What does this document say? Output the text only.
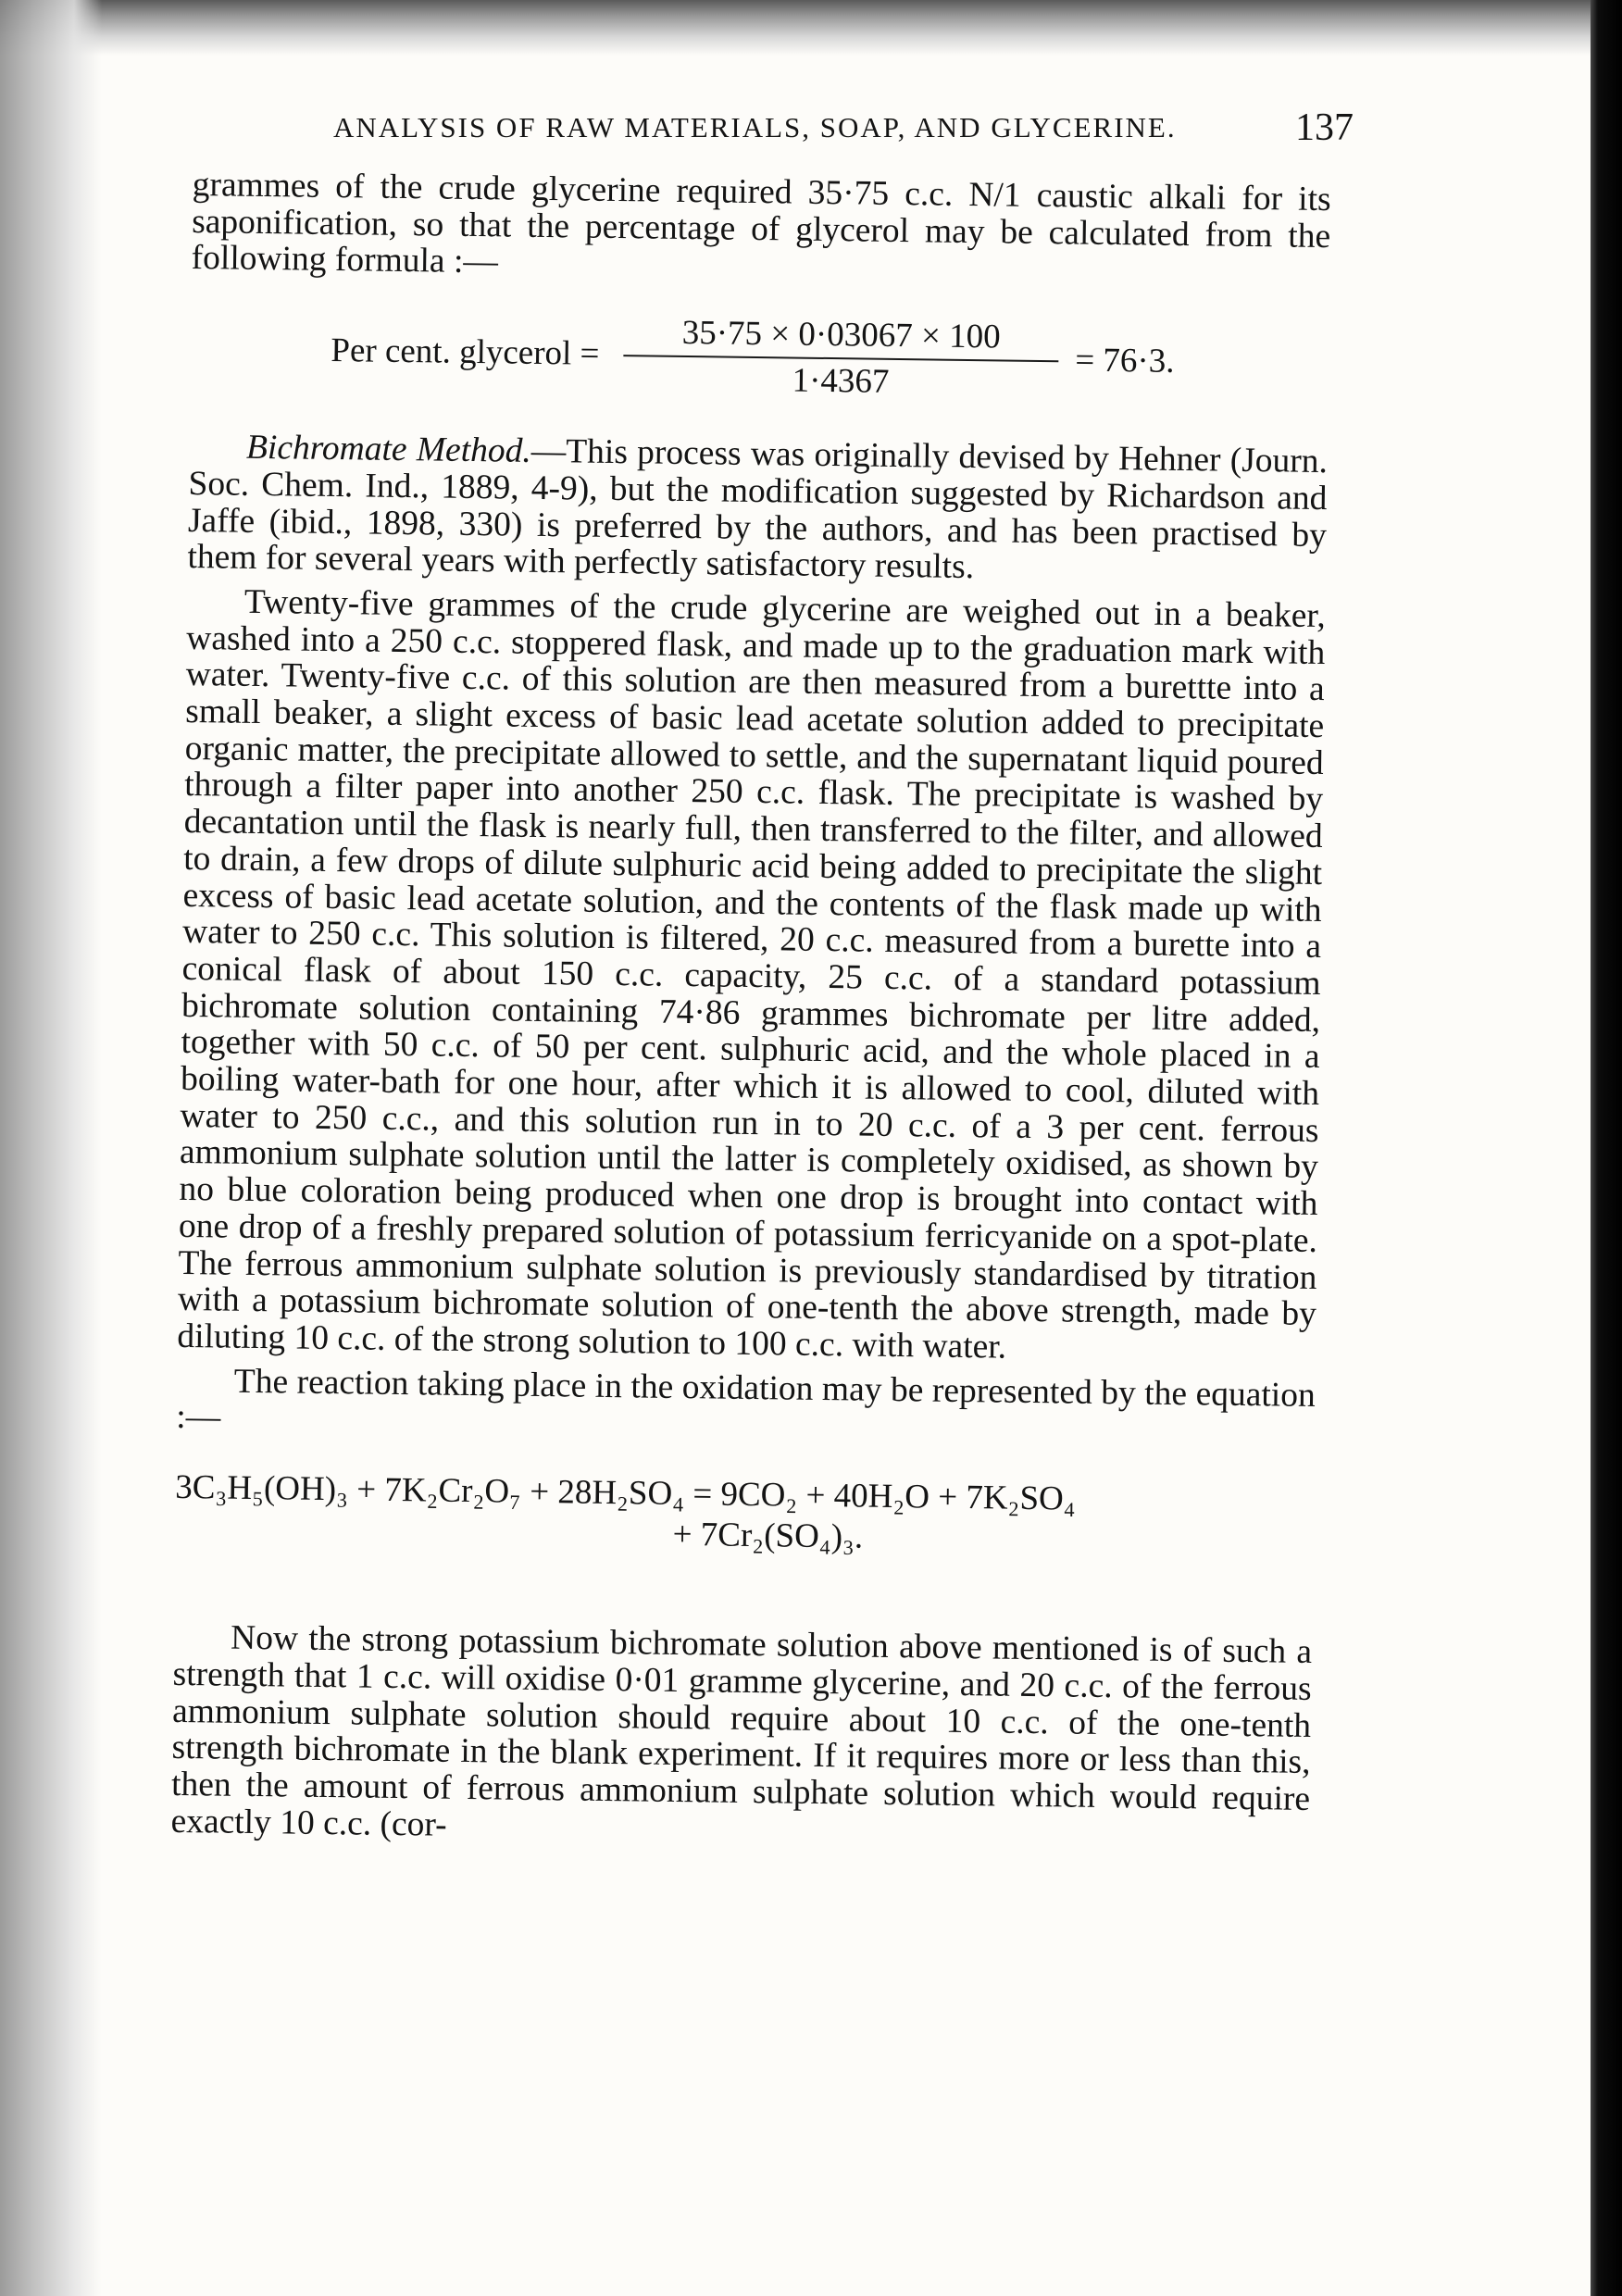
ANALYSIS OF RAW MATERIALS, SOAP, AND GLYCERINE.	137

grammes of the crude glycerine required 35·75 c.c. N/1 caustic alkali for its saponification, so that the percentage of glycerol may be calculated from the following formula :—

Per cent. glycerol = $\frac{35\cdot 75 \times 0\cdot 03067 \times 100}{1\cdot 4367} = 76\cdot 3$.

Bichromate Method.—This process was originally devised by Hehner (Journ. Soc. Chem. Ind., 1889, 4-9), but the modification suggested by Richardson and Jaffe (ibid., 1898, 330) is preferred by the authors, and has been practised by them for several years with perfectly satisfactory results.

Twenty-five grammes of the crude glycerine are weighed out in a beaker, washed into a 250 c.c. stoppered flask, and made up to the graduation mark with water. Twenty-five c.c. of this solution are then measured from a burettte into a small beaker, a slight excess of basic lead acetate solution added to precipitate organic matter, the precipitate allowed to settle, and the supernatant liquid poured through a filter paper into another 250 c.c. flask. The precipitate is washed by decantation until the flask is nearly full, then transferred to the filter, and allowed to drain, a few drops of dilute sulphuric acid being added to precipitate the slight excess of basic lead acetate solution, and the contents of the flask made up with water to 250 c.c. This solution is filtered, 20 c.c. measured from a burette into a conical flask of about 150 c.c. capacity, 25 c.c. of a standard potassium bichromate solution containing 74·86 grammes bichromate per litre added, together with 50 c.c. of 50 per cent. sulphuric acid, and the whole placed in a boiling water-bath for one hour, after which it is allowed to cool, diluted with water to 250 c.c., and this solution run in to 20 c.c. of a 3 per cent. ferrous ammonium sulphate solution until the latter is completely oxidised, as shown by no blue coloration being produced when one drop is brought into contact with one drop of a freshly prepared solution of potassium ferricyanide on a spot-plate. The ferrous ammonium sulphate solution is previously standardised by titration with a potassium bichromate solution of one-tenth the above strength, made by diluting 10 c.c. of the strong solution to 100 c.c. with water.

The reaction taking place in the oxidation may be represented by the equation :—

3C₃H₅(OH)₃ + 7K₂Cr₂O₇ + 28H₂SO₄ = 9CO₂ + 40H₂O + 7K₂SO₄
+ 7Cr₂(SO₄)₃.

Now the strong potassium bichromate solution above mentioned is of such a strength that 1 c.c. will oxidise 0·01 gramme glycerine, and 20 c.c. of the ferrous ammonium sulphate solution should require about 10 c.c. of the one-tenth strength bichromate in the blank experiment. If it requires more or less than this, then the amount of ferrous ammonium sulphate solution which would require exactly 10 c.c. (cor-
